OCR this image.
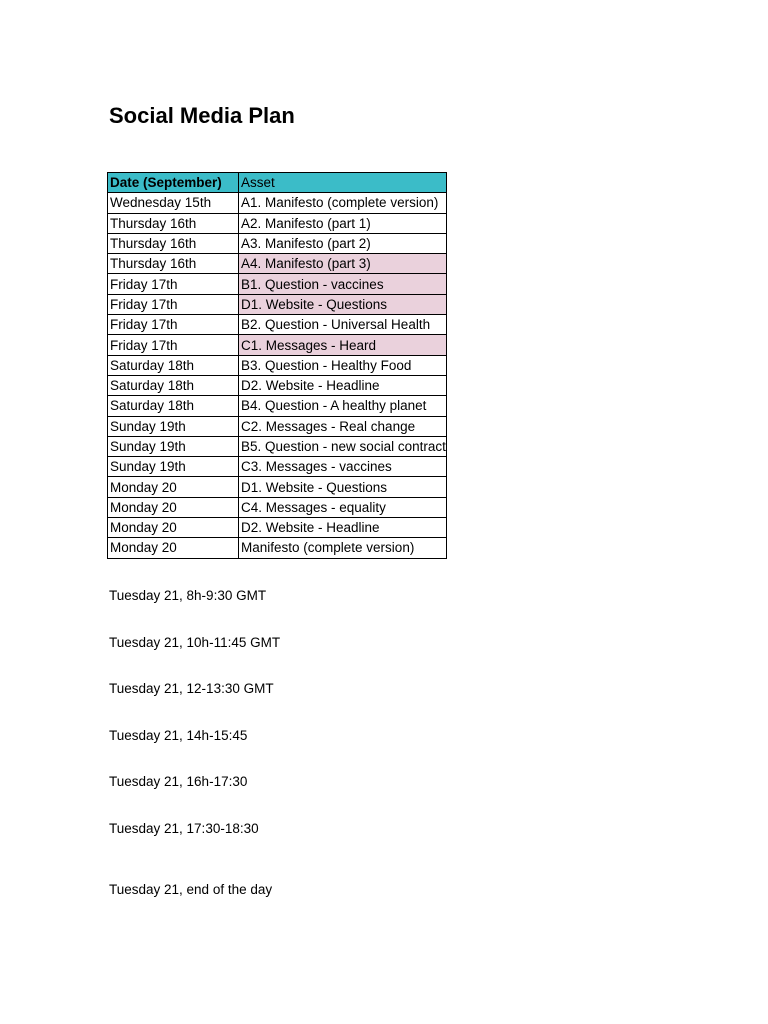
Social Media Plan
Date (September)	Asset
Wednesday 15th	A1. Manifesto (complete version)
Thursday 16th	A2. Manifesto (part 1)
Thursday 16th	A3. Manifesto (part 2)
Thursday 16th	A4. Manifesto (part 3)
Friday 17th	B1. Question - vaccines
Friday 17th	D1. Website - Questions
Friday 17th	B2. Question - Universal Health
Friday 17th	C1. Messages - Heard
Saturday 18th	B3. Question - Healthy Food
Saturday 18th	D2. Website - Headline
Saturday 18th	B4. Question - A healthy planet
Sunday 19th	C2. Messages - Real change
Sunday 19th	B5. Question - new social contract
Sunday 19th	C3. Messages - vaccines
Monday 20	D1. Website - Questions
Monday 20	C4. Messages - equality
Monday 20	D2. Website - Headline
Monday 20	Manifesto (complete version)
Tuesday 21, 8h-9:30 GMT
Tuesday 21, 10h-11:45 GMT
Tuesday 21, 12-13:30 GMT
Tuesday 21, 14h-15:45
Tuesday 21, 16h-17:30
Tuesday 21, 17:30-18:30
Tuesday 21, end of the day
